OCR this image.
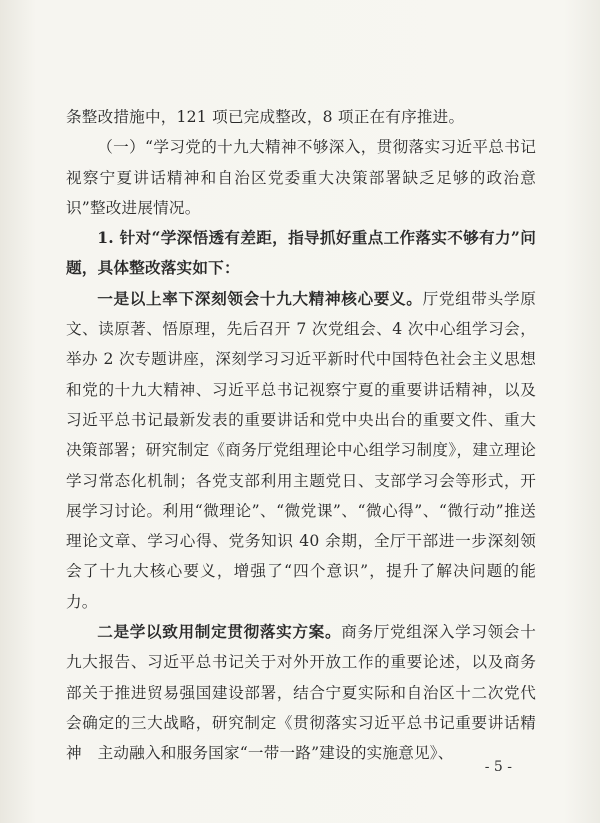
条整改措施中，121 项已完成整改，8 项正在有序推进。

（一）“学习党的十九大精神不够深入，贯彻落实习近平总书记视察宁夏讲话精神和自治区党委重大决策部署缺乏足够的政治意识”整改进展情况。

1. 针对“学深悟透有差距，指导抓好重点工作落实不够有力”问题，具体整改落实如下：

一是以上率下深刻领会十九大精神核心要义。厅党组带头学原文、读原著、悟原理，先后召开 7 次党组会、4 次中心组学习会，举办 2 次专题讲座，深刻学习习近平新时代中国特色社会主义思想和党的十九大精神、习近平总书记视察宁夏的重要讲话精神，以及习近平总书记最新发表的重要讲话和党中央出台的重要文件、重大决策部署；研究制定《商务厅党组理论中心组学习制度》，建立理论学习常态化机制；各党支部利用主题党日、支部学习会等形式，开展学习讨论。利用“微理论”、“微党课”、“微心得”、“微行动”推送理论文章、学习心得、党务知识 40 余期，全厅干部进一步深刻领会了十九大核心要义，增强了“四个意识”，提升了解决问题的能力。

二是学以致用制定贯彻落实方案。商务厅党组深入学习领会十九大报告、习近平总书记关于对外开放工作的重要论述，以及商务部关于推进贸易强国建设部署，结合宁夏实际和自治区十二次党代会确定的三大战略，研究制定《贯彻落实习近平总书记重要讲话精神　主动融入和服务国家“一带一路”建设的实施意见》、

- 5 -
